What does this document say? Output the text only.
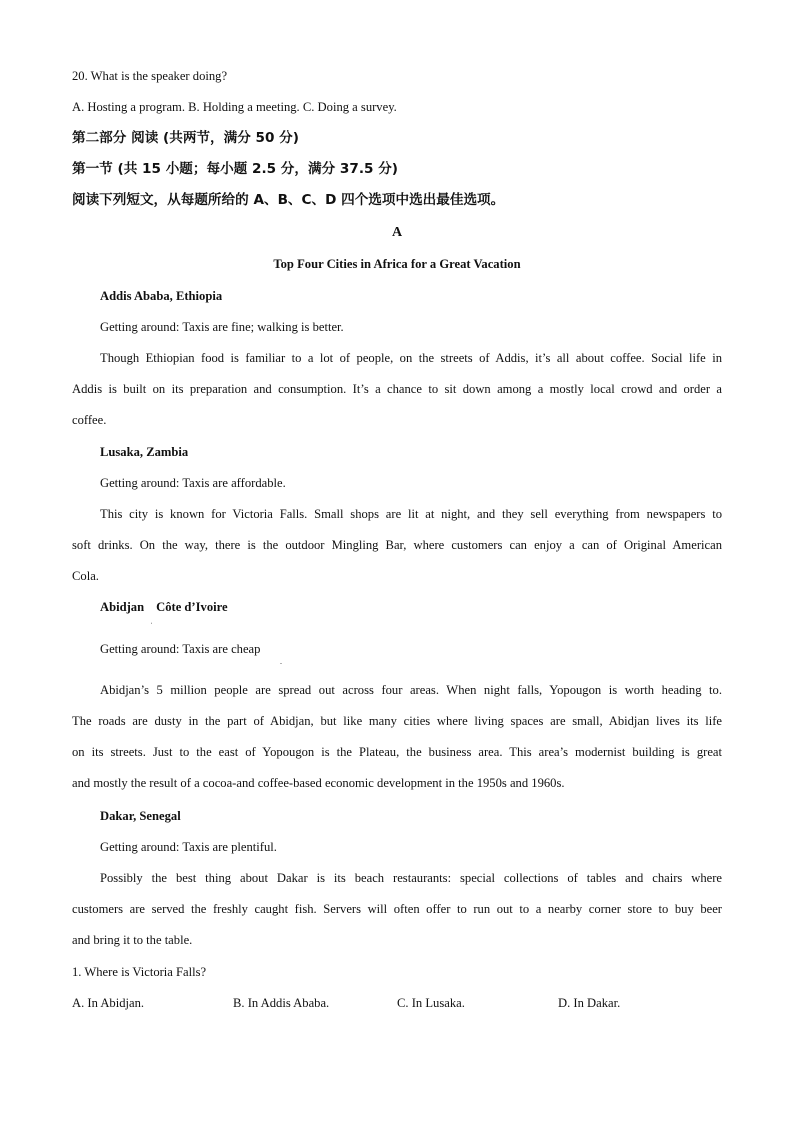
20. What is the speaker doing?
A. Hosting a program. B. Holding a meeting. C. Doing a survey.
第二部分 阅读 (共两节，满分 50 分)
第一节 (共 15 小题；每小题 2.5 分，满分 37.5 分)
阅读下列短文，从每题所给的 A、B、C、D 四个选项中选出最佳选项。
A
Top Four Cities in Africa for a Great Vacation
Addis Ababa, Ethiopia
Getting around: Taxis are fine; walking is better.
Though Ethiopian food is familiar to a lot of people, on the streets of Addis, it’s all about coffee. Social life in
Addis is built on its preparation and consumption. It’s a chance to sit down among a mostly local crowd and order a
coffee.
Lusaka, Zambia
Getting around: Taxis are affordable.
This city is known for Victoria Falls. Small shops are lit at night, and they sell everything from newspapers to
soft drinks. On the way, there is the outdoor Mingling Bar, where customers can enjoy a can of Original American
Cola.
Abidjan Côte d’Ivoire
ˌ
Getting around: Taxis are cheap
.
Abidjan’s 5 million people are spread out across four areas. When night falls, Yopougon is worth heading to.
The roads are dusty in the part of Abidjan, but like many cities where living spaces are small, Abidjan lives its life
on its streets. Just to the east of Yopougon is the Plateau, the business area. This area’s modernist building is great
and mostly the result of a cocoa-and coffee-based economic development in the 1950s and 1960s.
Dakar, Senegal
Getting around: Taxis are plentiful.
Possibly the best thing about Dakar is its beach restaurants: special collections of tables and chairs where
customers are served the freshly caught fish. Servers will often offer to run out to a nearby corner store to buy beer
and bring it to the table.
1. Where is Victoria Falls?
A. In Abidjan.	B. In Addis Ababa.	C. In Lusaka.	D. In Dakar.
